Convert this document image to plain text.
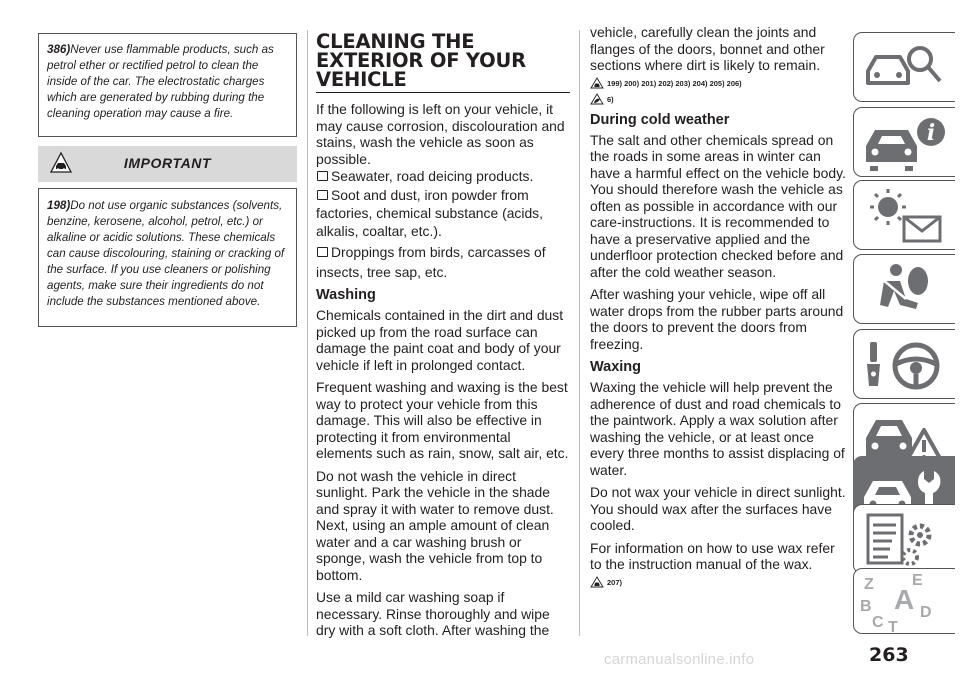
386)Never use flammable products, such as petrol ether or rectified petrol to clean the inside of the car. The electrostatic charges which are generated by rubbing during the cleaning operation may cause a fire.

IMPORTANT

198)Do not use organic substances (solvents, benzine, kerosene, alcohol, petrol, etc.) or alkaline or acidic solutions. These chemicals can cause discolouring, staining or cracking of the surface. If you use cleaners or polishing agents, make sure their ingredients do not include the substances mentioned above.

CLEANING THE EXTERIOR OF YOUR VEHICLE

If the following is left on your vehicle, it may cause corrosion, discolouration and stains, wash the vehicle as soon as possible.

Seawater, road deicing products.
Soot and dust, iron powder from
factories, chemical substance (acids, alkalis, coaltar, etc.).
Droppings from birds, carcasses of
insects, tree sap, etc.
Washing

Chemicals contained in the dirt and dust picked up from the road surface can damage the paint coat and body of your vehicle if left in prolonged contact.

Frequent washing and waxing is the best way to protect your vehicle from this damage. This will also be effective in protecting it from environmental elements such as rain, snow, salt air, etc.

Do not wash the vehicle in direct sunlight. Park the vehicle in the shade and spray it with water to remove dust. Next, using an ample amount of clean water and a car washing brush or sponge, wash the vehicle from top to bottom.

Use a mild car washing soap if necessary. Rinse thoroughly and wipe dry with a soft cloth. After washing the

vehicle, carefully clean the joints and flanges of the doors, bonnet and other sections where dirt is likely to remain.

199) 200) 201) 202) 203) 204) 205) 206)
6)
During cold weather

The salt and other chemicals spread on the roads in some areas in winter can have a harmful effect on the vehicle body. You should therefore wash the vehicle as often as possible in accordance with our care-instructions. It is recommended to have a preservative applied and the underfloor protection checked before and after the cold weather season.

After washing your vehicle, wipe off all water drops from the rubber parts around the doors to prevent the doors from freezing.

Waxing

Waxing the vehicle will help prevent the adherence of dust and road chemicals to the paintwork. Apply a wax solution after washing the vehicle, or at least once every three months to assist displacing of water.

Do not wax your vehicle in direct sunlight. You should wax after the surfaces have cooled.

For information on how to use wax refer to the instruction manual of the wax.

207)
i
Z E
B A
C
D
T
263
carmanualsonline.info
